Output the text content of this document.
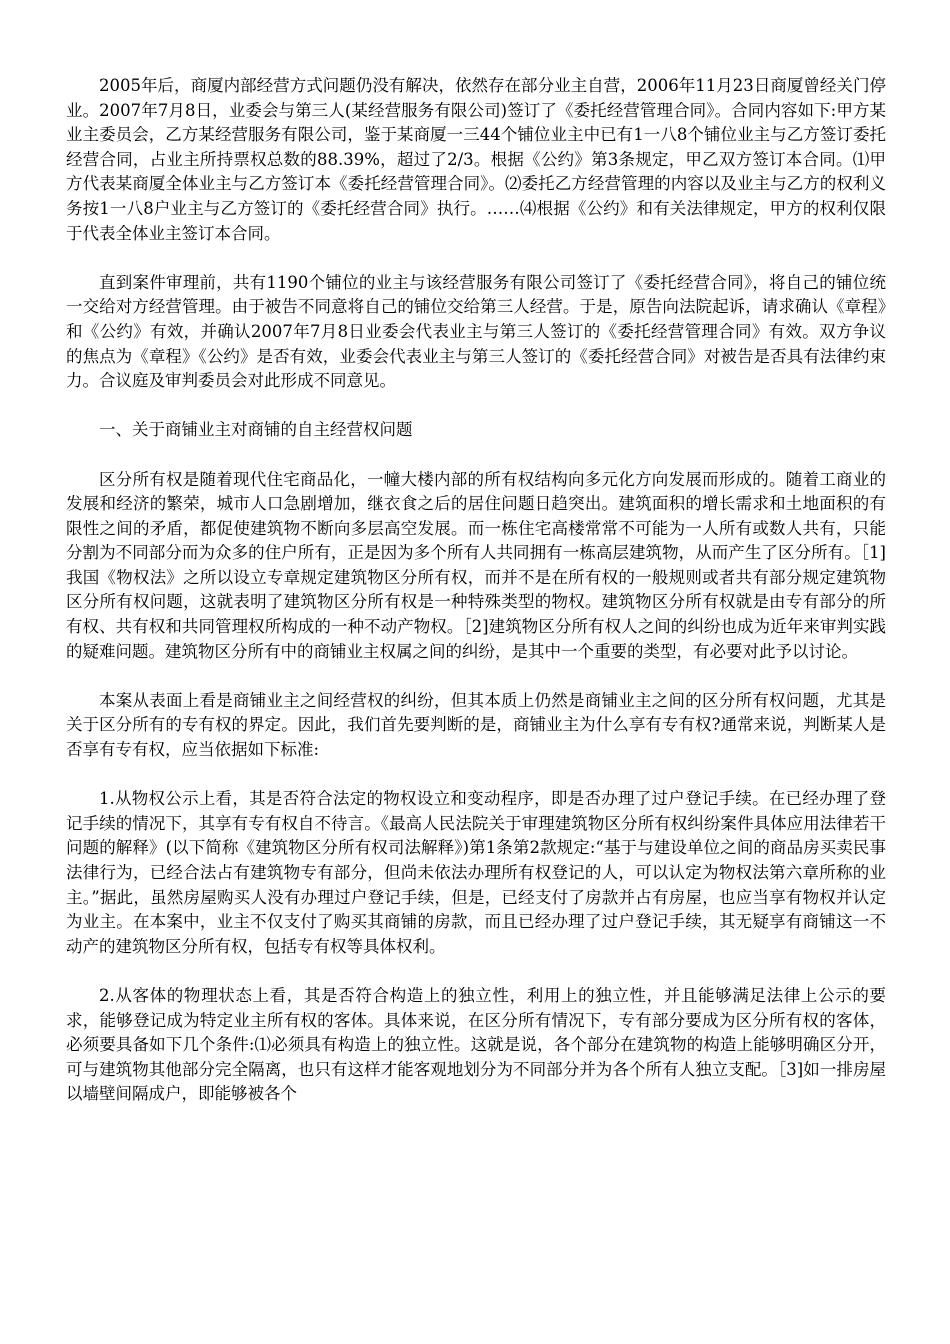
2005年后，商厦内部经营方式问题仍没有解决，依然存在部分业主自营，2006年11月23日商厦曾经关门停业。2007年7月8日，业委会与第三人(某经营服务有限公司)签订了《委托经营管理合同》。合同内容如下:甲方某业主委员会，乙方某经营服务有限公司，鉴于某商厦一三44个铺位业主中已有1一八8个铺位业主与乙方签订委托经营合同，占业主所持票权总数的88.39%，超过了2/3。根据《公约》第3条规定，甲乙双方签订本合同。⑴甲方代表某商厦全体业主与乙方签订本《委托经营管理合同》。⑵委托乙方经营管理的内容以及业主与乙方的权利义务按1一八8户业主与乙方签订的《委托经营合同》执行。……⑷根据《公约》和有关法律规定，甲方的权利仅限于代表全体业主签订本合同。

直到案件审理前，共有1190个铺位的业主与该经营服务有限公司签订了《委托经营合同》，将自己的铺位统一交给对方经营管理。由于被告不同意将自己的铺位交给第三人经营。于是，原告向法院起诉，请求确认《章程》和《公约》有效，并确认2007年7月8日业委会代表业主与第三人签订的《委托经营管理合同》有效。双方争议的焦点为《章程》《公约》是否有效，业委会代表业主与第三人签订的《委托经营合同》对被告是否具有法律约束力。合议庭及审判委员会对此形成不同意见。

一、关于商铺业主对商铺的自主经营权问题

区分所有权是随着现代住宅商品化，一幢大楼内部的所有权结构向多元化方向发展而形成的。随着工商业的发展和经济的繁荣，城市人口急剧增加，继衣食之后的居住问题日趋突出。建筑面积的增长需求和土地面积的有限性之间的矛盾，都促使建筑物不断向多层高空发展。而一栋住宅高楼常常不可能为一人所有或数人共有，只能分割为不同部分而为众多的住户所有，正是因为多个所有人共同拥有一栋高层建筑物，从而产生了区分所有。［1]我国《物权法》之所以设立专章规定建筑物区分所有权，而并不是在所有权的一般规则或者共有部分规定建筑物区分所有权问题，这就表明了建筑物区分所有权是一种特殊类型的物权。建筑物区分所有权就是由专有部分的所有权、共有权和共同管理权所构成的一种不动产物权。［2]建筑物区分所有权人之间的纠纷也成为近年来审判实践的疑难问题。建筑物区分所有中的商铺业主权属之间的纠纷，是其中一个重要的类型，有必要对此予以讨论。

本案从表面上看是商铺业主之间经营权的纠纷，但其本质上仍然是商铺业主之间的区分所有权问题，尤其是关于区分所有的专有权的界定。因此，我们首先要判断的是，商铺业主为什么享有专有权?通常来说，判断某人是否享有专有权，应当依据如下标准:

1.从物权公示上看，其是否符合法定的物权设立和变动程序，即是否办理了过户登记手续。在已经办理了登记手续的情况下，其享有专有权自不待言。《最高人民法院关于审理建筑物区分所有权纠纷案件具体应用法律若干问题的解释》(以下简称《建筑物区分所有权司法解释》)第1条第2款规定:“基于与建设单位之间的商品房买卖民事法律行为，已经合法占有建筑物专有部分，但尚未依法办理所有权登记的人，可以认定为物权法第六章所称的业主。”据此，虽然房屋购买人没有办理过户登记手续，但是，已经支付了房款并占有房屋，也应当享有物权并认定为业主。在本案中，业主不仅支付了购买其商铺的房款，而且已经办理了过户登记手续，其无疑享有商铺这一不动产的建筑物区分所有权，包括专有权等具体权利。

2.从客体的物理状态上看，其是否符合构造上的独立性，利用上的独立性，并且能够满足法律上公示的要求，能够登记成为特定业主所有权的客体。具体来说，在区分所有情况下，专有部分要成为区分所有权的客体，必须要具备如下几个条件:⑴必须具有构造上的独立性。这就是说，各个部分在建筑物的构造上能够明确区分开，可与建筑物其他部分完全隔离，也只有这样才能客观地划分为不同部分并为各个所有人独立支配。［3]如一排房屋以墙壁间隔成户，即能够被各个
